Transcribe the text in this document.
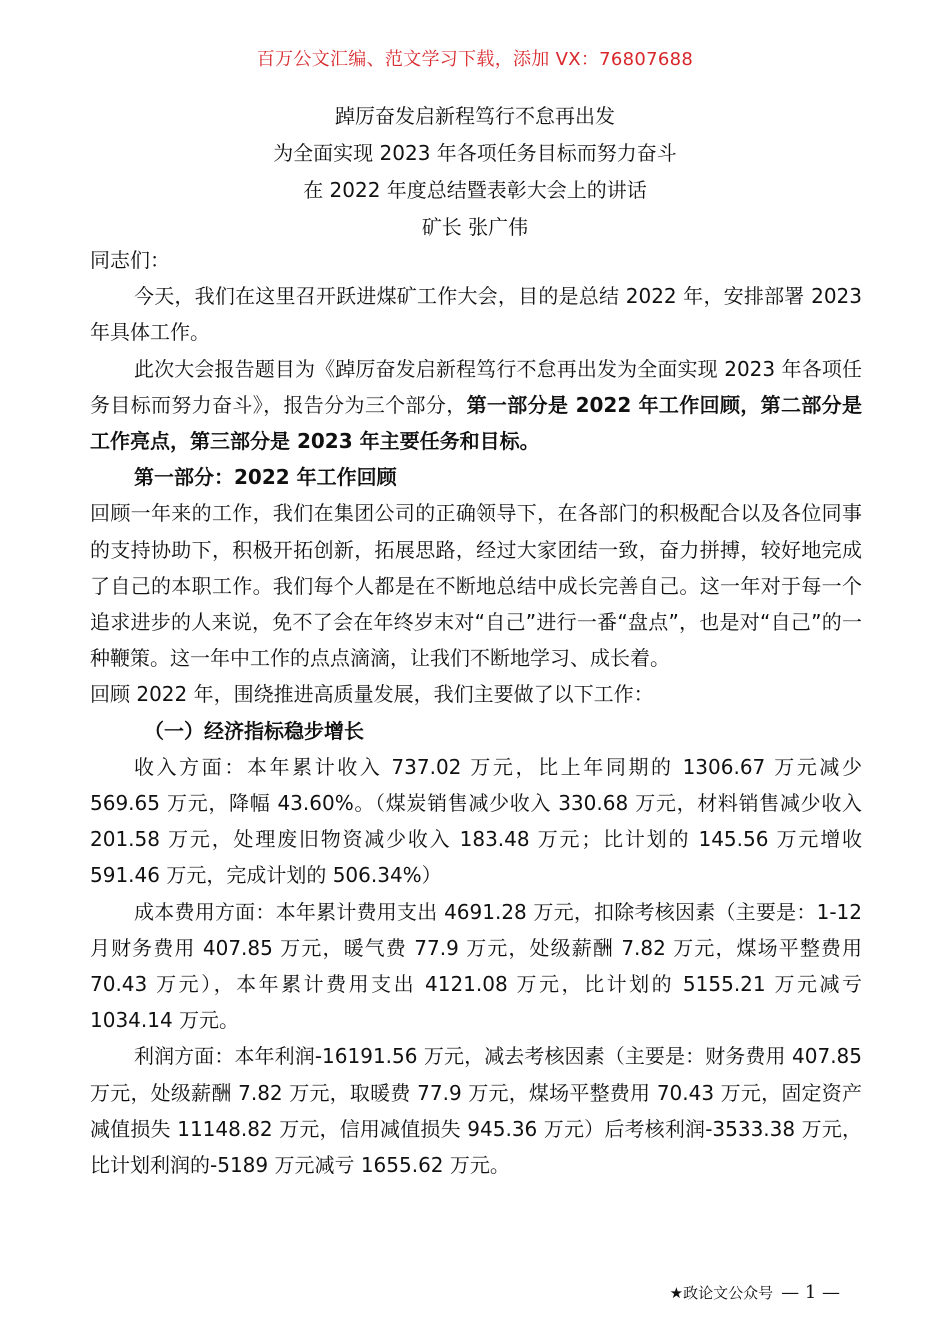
百万公文汇编、范文学习下载，添加 VX：76807688

踔厉奋发启新程笃行不怠再出发

为全面实现 2023 年各项任务目标而努力奋斗

在 2022 年度总结暨表彰大会上的讲话

矿长 张广伟

同志们：

今天，我们在这里召开跃进煤矿工作大会，目的是总结 2022 年，安排部署 2023 年具体工作。

此次大会报告题目为《踔厉奋发启新程笃行不怠再出发为全面实现 2023 年各项任务目标而努力奋斗》，报告分为三个部分，第一部分是 2022 年工作回顾，第二部分是工作亮点，第三部分是 2023 年主要任务和目标。

第一部分：2022 年工作回顾

回顾一年来的工作，我们在集团公司的正确领导下，在各部门的积极配合以及各位同事的支持协助下，积极开拓创新，拓展思路，经过大家团结一致，奋力拼搏，较好地完成了自己的本职工作。我们每个人都是在不断地总结中成长完善自己。这一年对于每一个追求进步的人来说，免不了会在年终岁末对“自己”进行一番“盘点”，也是对“自己”的一种鞭策。这一年中工作的点点滴滴，让我们不断地学习、成长着。

回顾 2022 年，围绕推进高质量发展，我们主要做了以下工作：

（一）经济指标稳步增长

收入方面：本年累计收入 737.02 万元，比上年同期的 1306.67 万元减少 569.65 万元，降幅 43.60%。（煤炭销售减少收入 330.68 万元，材料销售减少收入 201.58 万元，处理废旧物资减少收入 183.48 万元；比计划的 145.56 万元增收 591.46 万元，完成计划的 506.34%）

成本费用方面：本年累计费用支出 4691.28 万元，扣除考核因素（主要是：1-12 月财务费用 407.85 万元，暖气费 77.9 万元，处级薪酬 7.82 万元，煤场平整费用 70.43 万元），本年累计费用支出 4121.08 万元，比计划的 5155.21 万元减亏 1034.14 万元。

利润方面：本年利润-16191.56 万元，减去考核因素（主要是：财务费用 407.85 万元，处级薪酬 7.82 万元，取暖费 77.9 万元，煤场平整费用 70.43 万元，固定资产减值损失 11148.82 万元，信用减值损失 945.36 万元）后考核利润-3533.38 万元，比计划利润的-5189 万元减亏 1655.62 万元。

★政论文公众号 — 1 —
